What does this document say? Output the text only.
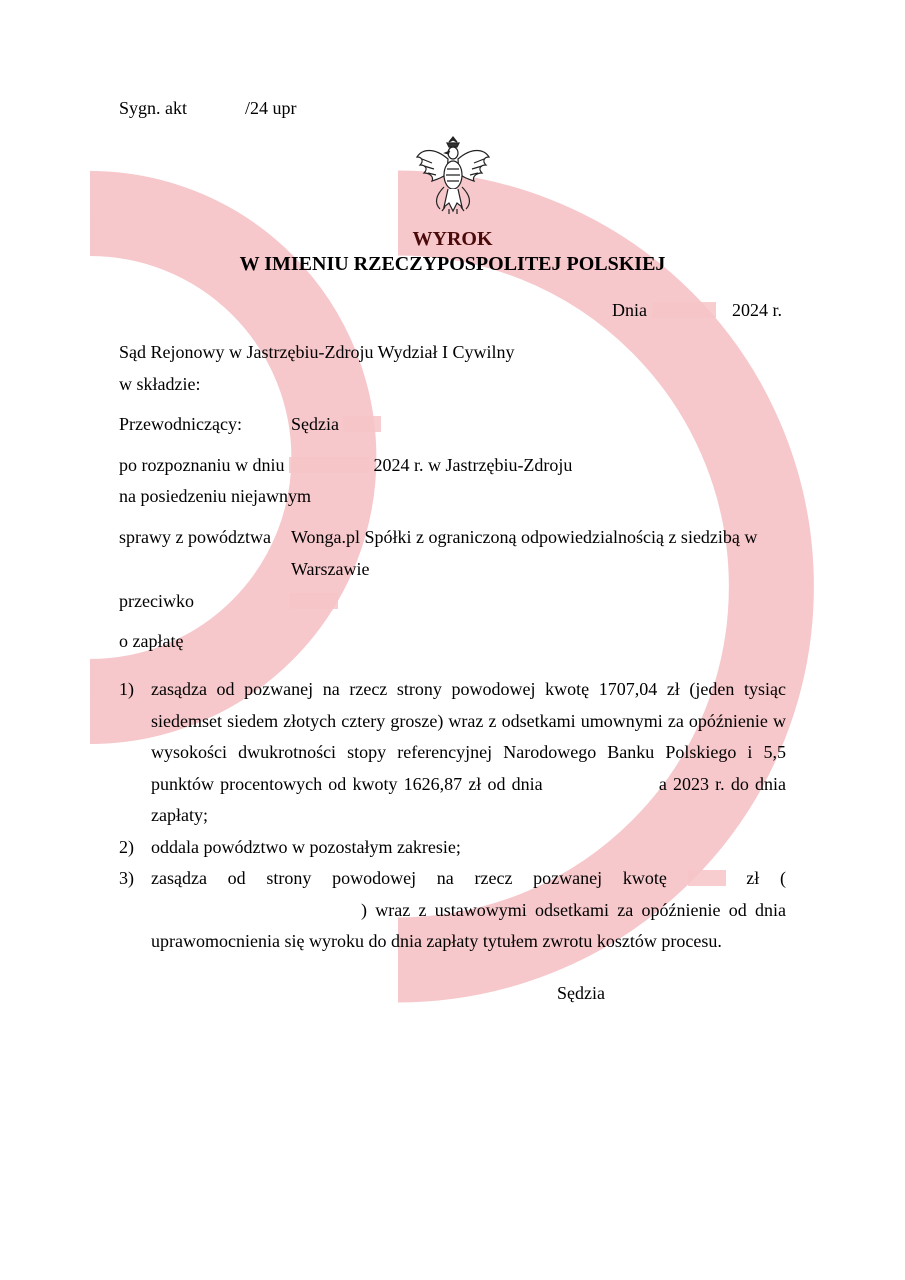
Sygn. akt	/24 upr
WYROK
W IMIENIU RZECZYPOSPOLITEJ POLSKIEJ
Dnia	2024 r.
Sąd Rejonowy w Jastrzębiu-Zdroju Wydział I Cywilny
w składzie:
Przewodniczący:	Sędzia
po rozpoznaniu w dniu	2024 r. w Jastrzębiu-Zdroju
na posiedzeniu niejawnym
sprawy z powództwa Wonga.pl Spółki z ograniczoną odpowiedzialnością z siedzibą w
Warszawie
przeciwko
o zapłatę
1) zasądza od pozwanej na rzecz strony powodowej kwotę 1707,04 zł (jeden tysiąc siedemset siedem złotych cztery grosze) wraz z odsetkami umownymi za opóźnienie w wysokości dwukrotności stopy referencyjnej Narodowego Banku Polskiego i 5,5 punktów procentowych od kwoty 1626,87 zł od dnia	a 2023 r. do dnia zapłaty;
2) oddala powództwo w pozostałym zakresie;
3) zasądza od strony powodowej na rzecz pozwanej kwotę	zł () wraz z ustawowymi odsetkami za opóźnienie od dnia uprawomocnienia się wyroku do dnia zapłaty tytułem zwrotu kosztów procesu.
Sędzia
